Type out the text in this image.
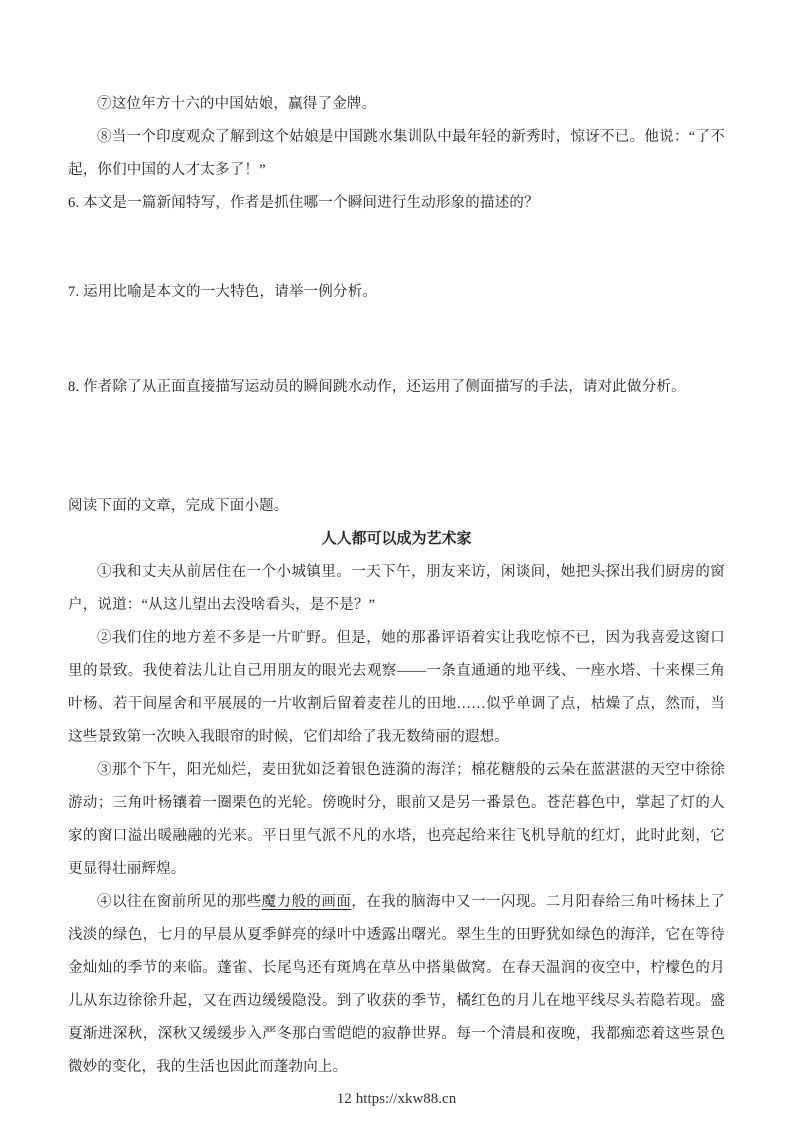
⑦这位年方十六的中国姑娘，赢得了金牌。

⑧当一个印度观众了解到这个姑娘是中国跳水集训队中最年轻的新秀时，惊讶不已。他说：“了不起，你们中国的人才太多了！”

6. 本文是一篇新闻特写，作者是抓住哪一个瞬间进行生动形象的描述的？

7. 运用比喻是本文的一大特色，请举一例分析。

8. 作者除了从正面直接描写运动员的瞬间跳水动作，还运用了侧面描写的手法，请对此做分析。

阅读下面的文章，完成下面小题。

人人都可以成为艺术家

①我和丈夫从前居住在一个小城镇里。一天下午，朋友来访，闲谈间，她把头探出我们厨房的窗户，说道：“从这儿望出去没啥看头，是不是？”

②我们住的地方差不多是一片旷野。但是，她的那番评语着实让我吃惊不已，因为我喜爱这窗口里的景致。我使着法儿让自己用朋友的眼光去观察——一条直通通的地平线、一座水塔、十来棵三角叶杨、若干间屋舍和平展展的一片收割后留着麦茬儿的田地……似乎单调了点，枯燥了点，然而，当这些景致第一次映入我眼帘的时候，它们却给了我无数绮丽的遐想。

③那个下午，阳光灿烂，麦田犹如泛着银色涟漪的海洋；棉花糖般的云朵在蓝湛湛的天空中徐徐游动；三角叶杨镶着一圈栗色的光轮。傍晚时分，眼前又是另一番景色。苍茫暮色中，掌起了灯的人家的窗口溢出暖融融的光来。平日里气派不凡的水塔，也亮起给来往飞机导航的红灯，此时此刻，它更显得壮丽辉煌。

④以往在窗前所见的那些魔力般的画面，在我的脑海中又一一闪现。二月阳春给三角叶杨抹上了浅淡的绿色，七月的早晨从夏季鲜亮的绿叶中透露出曙光。翠生生的田野犹如绿色的海洋，它在等待金灿灿的季节的来临。蓬雀、长尾鸟还有斑鸠在草丛中搭巢做窝。在春天温润的夜空中，柠檬色的月儿从东边徐徐升起，又在西边缓缓隐没。到了收获的季节，橘红色的月儿在地平线尽头若隐若现。盛夏渐进深秋，深秋又缓缓步入严冬那白雪皑皑的寂静世界。每一个清晨和夜晚，我都痴恋着这些景色微妙的变化，我的生活也因此而蓬勃向上。

12 https://xkw88.cn
